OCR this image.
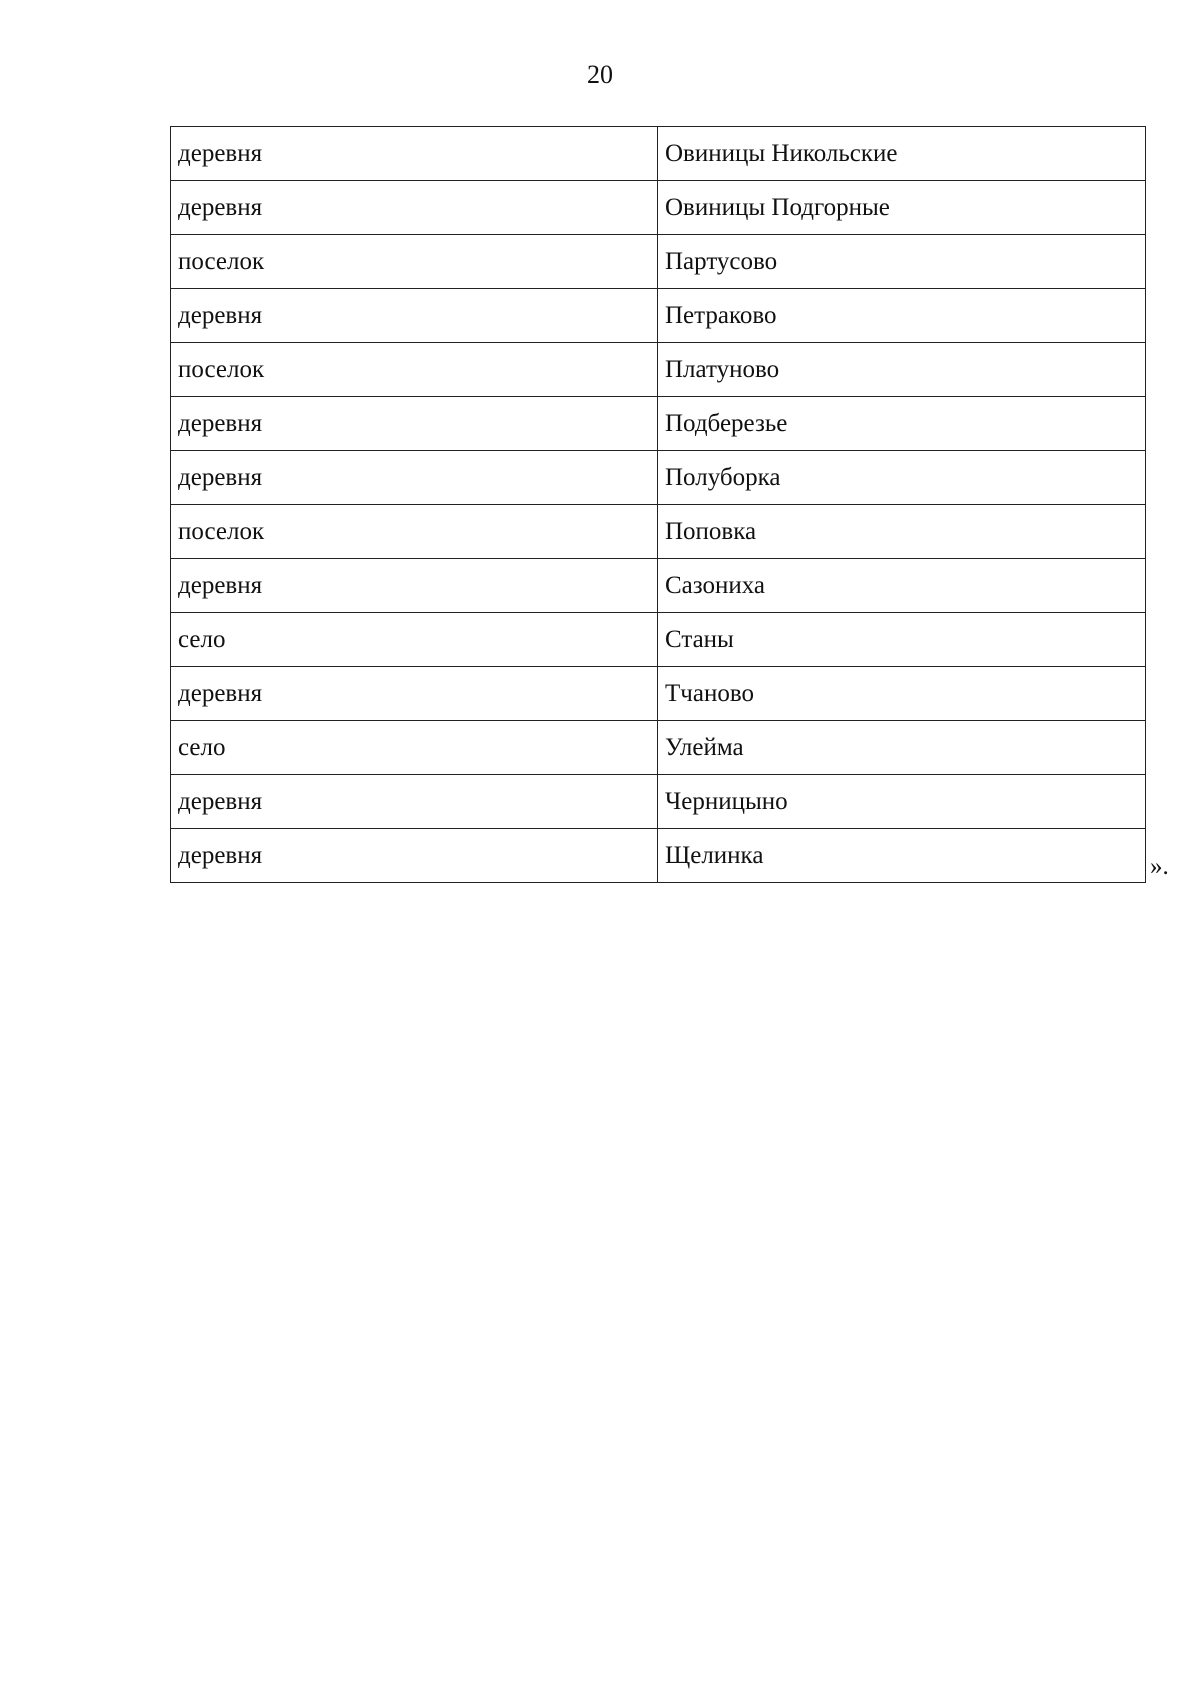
20
деревня	Овиницы Никольские
деревня	Овиницы Подгорные
поселок	Партусово
деревня	Петраково
поселок	Платуново
деревня	Подберезье
деревня	Полуборка
поселок	Поповка
деревня	Сазониха
село	Станы
деревня	Тчаново
село	Улейма
деревня	Черницыно
деревня	Щелинка	».
